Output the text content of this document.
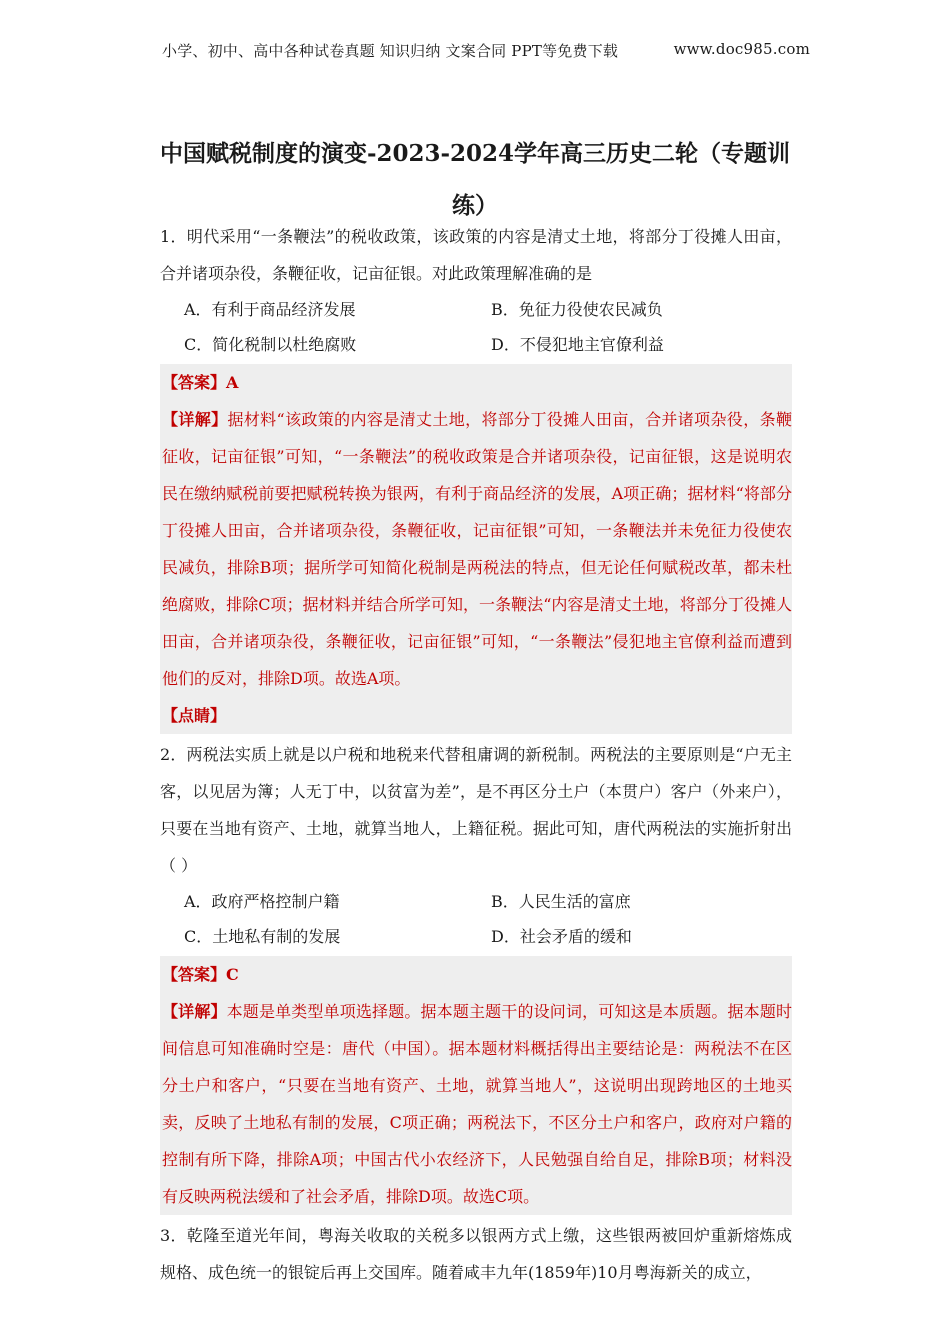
小学、初中、高中各种试卷真题 知识归纳 文案合同 PPT等免费下载	www.doc985.com
中国赋税制度的演变-2023-2024学年高三历史二轮（专题训练）

1．明代采用“一条鞭法”的税收政策，该政策的内容是清丈土地，将部分丁役摊人田亩，合并诸项杂役，条鞭征收，记亩征银。对此政策理解准确的是

A．有利于商品经济发展	B．免征力役使农民减负
C．简化税制以杜绝腐败	D．不侵犯地主官僚利益
【答案】A
【详解】据材料“该政策的内容是清丈土地，将部分丁役摊人田亩，合并诸项杂役，条鞭征收，记亩征银”可知，“一条鞭法”的税收政策是合并诸项杂役，记亩征银，这是说明农民在缴纳赋税前要把赋税转换为银两，有利于商品经济的发展，A项正确；据材料“将部分丁役摊人田亩，合并诸项杂役，条鞭征收，记亩征银”可知，一条鞭法并未免征力役使农民减负，排除B项；据所学可知简化税制是两税法的特点，但无论任何赋税改革，都未杜绝腐败，排除C项；据材料并结合所学可知，一条鞭法“内容是清丈土地，将部分丁役摊人田亩，合并诸项杂役，条鞭征收，记亩征银”可知，“一条鞭法”侵犯地主官僚利益而遭到他们的反对，排除D项。故选A项。
【点睛】

2．两税法实质上就是以户税和地税来代替租庸调的新税制。两税法的主要原则是“户无主客，以见居为簿；人无丁中，以贫富为差”，是不再区分土户（本贯户）客户（外来户），只要在当地有资产、土地，就算当地人，上籍征税。据此可知，唐代两税法的实施折射出（ ）

A．政府严格控制户籍	B．人民生活的富庶
C．土地私有制的发展	D．社会矛盾的缓和
【答案】C
【详解】本题是单类型单项选择题。据本题主题干的设问词，可知这是本质题。据本题时间信息可知准确时空是：唐代（中国）。据本题材料概括得出主要结论是：两税法不在区分土户和客户，“只要在当地有资产、土地，就算当地人”，这说明出现跨地区的土地买卖，反映了土地私有制的发展，C项正确；两税法下，不区分土户和客户，政府对户籍的控制有所下降，排除A项；中国古代小农经济下，人民勉强自给自足，排除B项；材料没有反映两税法缓和了社会矛盾，排除D项。故选C项。

3．乾隆至道光年间，粤海关收取的关税多以银两方式上缴，这些银两被回炉重新熔炼成规格、成色统一的银锭后再上交国库。随着咸丰九年(1859年)10月粤海新关的成立，
